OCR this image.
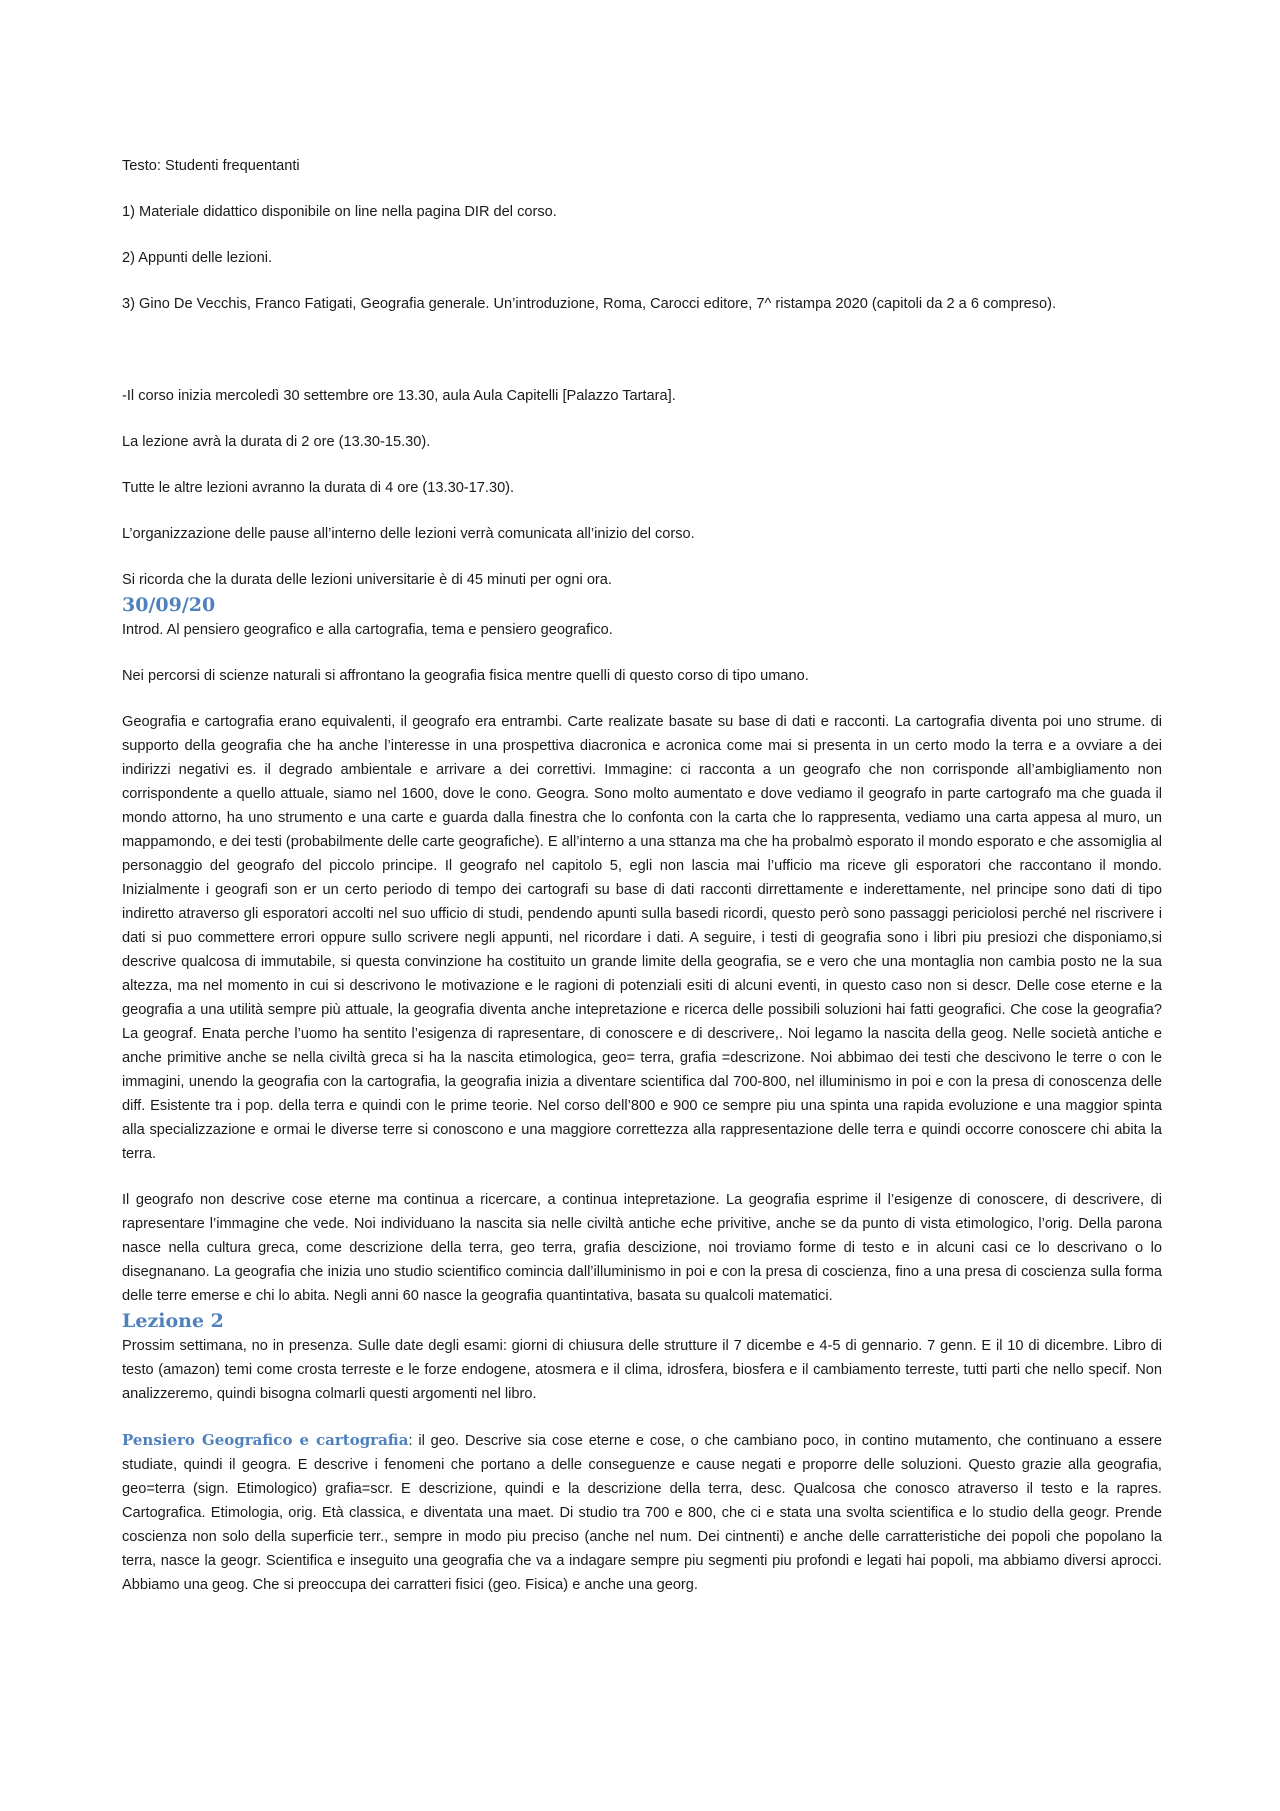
Testo: Studenti frequentanti

1) Materiale didattico disponibile on line nella pagina DIR del corso.

2) Appunti delle lezioni.

3) Gino De Vecchis, Franco Fatigati, Geografia generale. Un’introduzione, Roma, Carocci editore, 7^ ristampa 2020 (capitoli da 2 a 6 compreso).

-Il corso inizia mercoledì 30 settembre ore 13.30, aula Aula Capitelli [Palazzo Tartara].

La lezione avrà la durata di 2 ore (13.30-15.30).

Tutte le altre lezioni avranno la durata di 4 ore (13.30-17.30).

L’organizzazione delle pause all’interno delle lezioni verrà comunicata all’inizio del corso.

Si ricorda che la durata delle lezioni universitarie è di 45 minuti per ogni ora.

30/09/20

Introd. Al pensiero geografico e alla cartografia, tema e pensiero geografico.

Nei percorsi di scienze naturali si affrontano la geografia fisica mentre quelli di questo corso di tipo umano.

Geografia e cartografia erano equivalenti, il geografo era entrambi. Carte realizate basate su base di dati e racconti. La cartografia diventa poi uno strume. di supporto della geografia che ha anche l’interesse in una prospettiva diacronica e acronica come mai si presenta in un certo modo la terra e a ovviare a dei indirizzi negativi es. il degrado ambientale e arrivare a dei correttivi. Immagine: ci racconta a un geografo che non corrisponde all’ambigliamento non corrispondente a quello attuale, siamo nel 1600, dove le cono. Geogra. Sono molto aumentato e dove vediamo il geografo in parte cartografo ma che guada il mondo attorno, ha uno strumento e una carte e guarda dalla finestra che lo confonta con la carta che lo rappresenta, vediamo una carta appesa al muro, un mappamondo, e dei testi (probabilmente delle carte geografiche). E all’interno a una sttanza ma che ha probalmò esporato il mondo esporato e che assomiglia al personaggio del geografo del piccolo principe. Il geografo nel capitolo 5, egli non lascia mai l’ufficio ma riceve gli esporatori che raccontano il mondo. Inizialmente i geografi son er un certo periodo di tempo dei cartografi su base di dati racconti dirrettamente e inderettamente, nel principe sono dati di tipo indiretto atraverso gli esporatori accolti nel suo ufficio di studi, pendendo apunti sulla basedi ricordi, questo però sono passaggi periciolosi perché nel riscrivere i dati si puo commettere errori oppure sullo scrivere negli appunti, nel ricordare i dati. A seguire, i testi di geografia sono i libri piu presiozi che disponiamo,si descrive qualcosa di immutabile, si questa convinzione ha costituito un grande limite della geografia, se e vero che una montaglia non cambia posto ne la sua altezza, ma nel momento in cui si descrivono le motivazione e le ragioni di potenziali esiti di alcuni eventi, in questo caso non si descr. Delle cose eterne e la geografia a una utilità sempre più attuale, la geografia diventa anche intepretazione e ricerca delle possibili soluzioni hai fatti geografici. Che cose la geografia? La geograf. Enata perche l’uomo ha sentito l’esigenza di rapresentare, di conoscere e di descrivere,. Noi legamo la nascita della geog. Nelle società antiche e anche primitive anche se nella civiltà greca si ha la nascita etimologica, geo= terra, grafia =descrizone. Noi abbimao dei testi che descivono le terre o con le immagini, unendo la geografia con la cartografia, la geografia inizia a diventare scientifica dal 700-800, nel illuminismo in poi e con la presa di conoscenza delle diff. Esistente tra i pop. della terra e quindi con le prime teorie. Nel corso dell’800 e 900 ce sempre piu una spinta una rapida evoluzione e una maggior spinta alla specializzazione e ormai le diverse terre si conoscono e una maggiore correttezza alla rappresentazione delle terra e quindi occorre conoscere chi abita la terra.

Il geografo non descrive cose eterne ma continua a ricercare, a continua intepretazione. La geografia esprime il l’esigenze di conoscere, di descrivere, di rapresentare l’immagine che vede. Noi individuano la nascita sia nelle civiltà antiche eche privitive, anche se da punto di vista etimologico, l’orig. Della parona nasce nella cultura greca, come descrizione della terra, geo terra, grafia descizione, noi troviamo forme di testo e in alcuni casi ce lo descrivano o lo disegnanano. La geografia che inizia uno studio scientifico comincia dall’illuminismo in poi e con la presa di coscienza, fino a una presa di coscienza sulla forma delle terre emerse e chi lo abita. Negli anni 60 nasce la geografia quantintativa, basata su qualcoli matematici.

Lezione 2

Prossim settimana, no in presenza. Sulle date degli esami: giorni di chiusura delle strutture il 7 dicembe e 4-5 di gennario. 7 genn. E il 10 di dicembre. Libro di testo (amazon) temi come crosta terreste e le forze endogene, atosmera e il clima, idrosfera, biosfera e il cambiamento terreste, tutti parti che nello specif. Non analizzeremo, quindi bisogna colmarli questi argomenti nel libro.

Pensiero Geografico e cartografia: il geo. Descrive sia cose eterne e cose, o che cambiano poco, in contino mutamento, che continuano a essere studiate, quindi il geogra. E descrive i fenomeni che portano a delle conseguenze e cause negati e proporre delle soluzioni. Questo grazie alla geografia, geo=terra (sign. Etimologico) grafia=scr. E descrizione, quindi e la descrizione della terra, desc. Qualcosa che conosco atraverso il testo e la rapres. Cartografica. Etimologia, orig. Età classica, e diventata una maet. Di studio tra 700 e 800, che ci e stata una svolta scientifica e lo studio della geogr. Prende coscienza non solo della superficie terr., sempre in modo piu preciso (anche nel num. Dei cintnenti) e anche delle carratteristiche dei popoli che popolano la terra, nasce la geogr. Scientifica e inseguito una geografia che va a indagare sempre piu segmenti piu profondi e legati hai popoli, ma abbiamo diversi aprocci. Abbiamo una geog. Che si preoccupa dei carratteri fisici (geo. Fisica) e anche una georg.
